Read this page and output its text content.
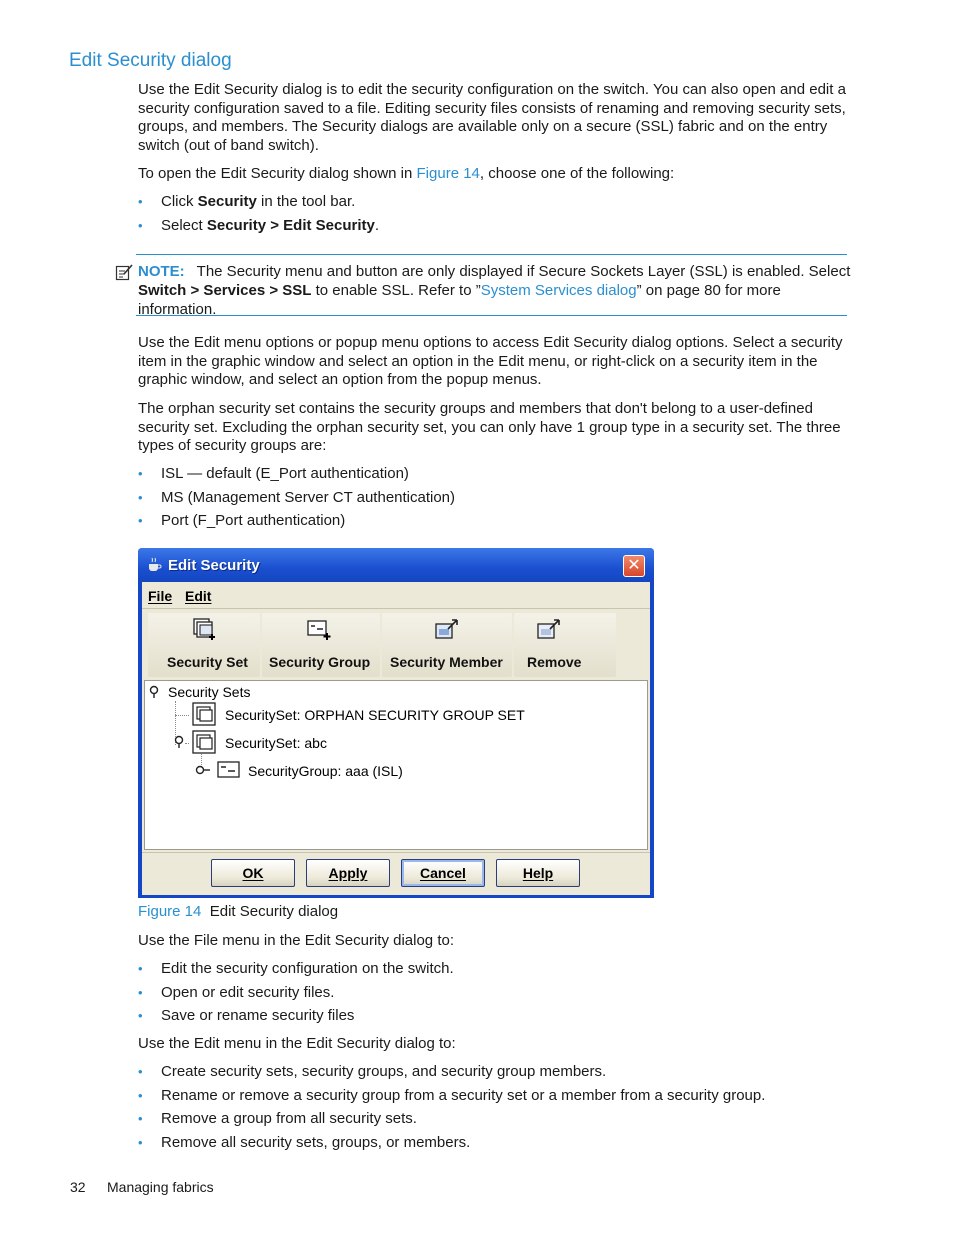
Edit Security dialog
Use the Edit Security dialog is to edit the security configuration on the switch. You can also open and edit a security configuration saved to a file. Editing security files consists of renaming and removing security sets, groups, and members. The Security dialogs are available only on a secure (SSL) fabric and on the entry switch (out of band switch).
To open the Edit Security dialog shown in Figure 14, choose one of the following:
• Click Security in the tool bar.
• Select Security > Edit Security.
NOTE: The Security menu and button are only displayed if Secure Sockets Layer (SSL) is enabled. Select Switch > Services > SSL to enable SSL. Refer to ”System Services dialog” on page 80 for more information.
Use the Edit menu options or popup menu options to access Edit Security dialog options. Select a security item in the graphic window and select an option in the Edit menu, or right-click on a security item in the graphic window, and select an option from the popup menus.
The orphan security set contains the security groups and members that don't belong to a user-defined security set. Excluding the orphan security set, you can only have 1 group type in a security set. The three types of security groups are:
• ISL — default (E_Port authentication)
• MS (Management Server CT authentication)
• Port (F_Port authentication)
Edit Security	✕
File Edit
Security Set Security Group Security Member Remove
Security Sets
SecuritySet: ORPHAN SECURITY GROUP SET
SecuritySet: abc
SecurityGroup: aaa (ISL)
OK	Apply	Cancel	Help
Figure 14 Edit Security dialog
Use the File menu in the Edit Security dialog to:
• Edit the security configuration on the switch.
• Open or edit security files.
• Save or rename security files
Use the Edit menu in the Edit Security dialog to:
• Create security sets, security groups, and security group members.
• Rename or remove a security group from a security set or a member from a security group.
• Remove a group from all security sets.
• Remove all security sets, groups, or members.
32 Managing fabrics
